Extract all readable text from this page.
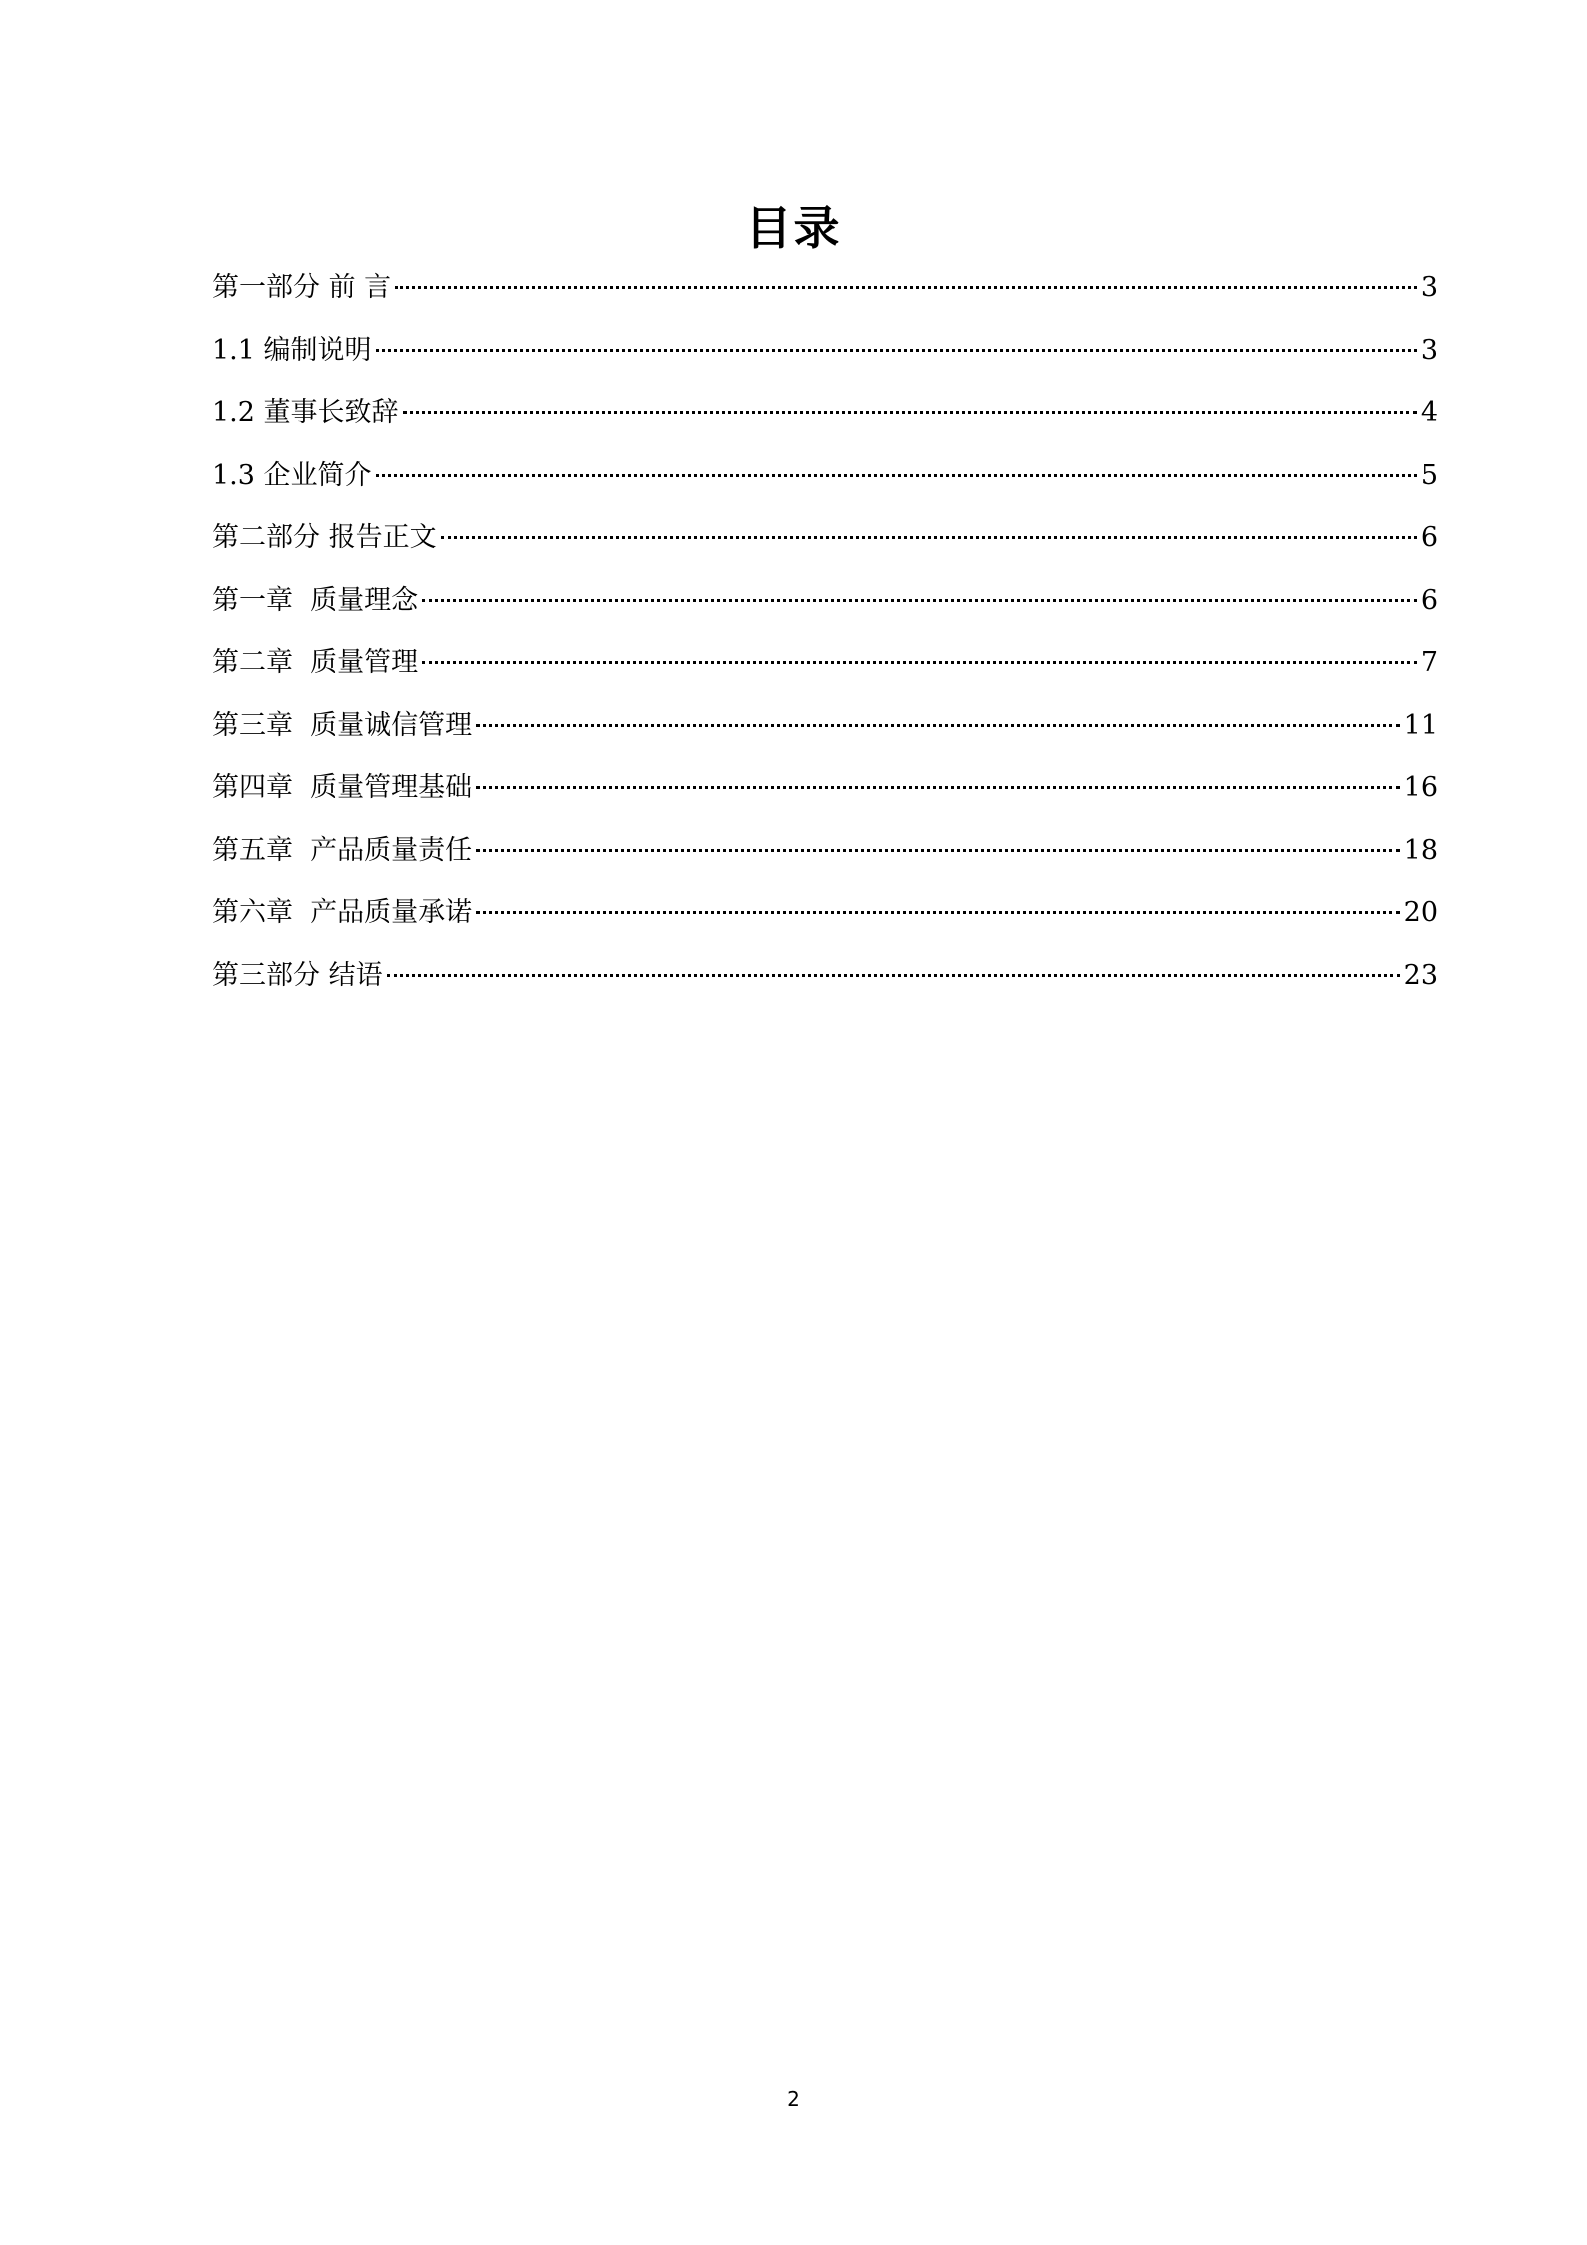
目录
第一部分 前 言	3
1.1 编制说明	3
1.2 董事长致辞	4
1.3 企业简介	5
第二部分 报告正文	6
第一章  质量理念	6
第二章  质量管理	7
第三章  质量诚信管理	11
第四章  质量管理基础	16
第五章  产品质量责任	18
第六章  产品质量承诺	20
第三部分 结语	23
2
